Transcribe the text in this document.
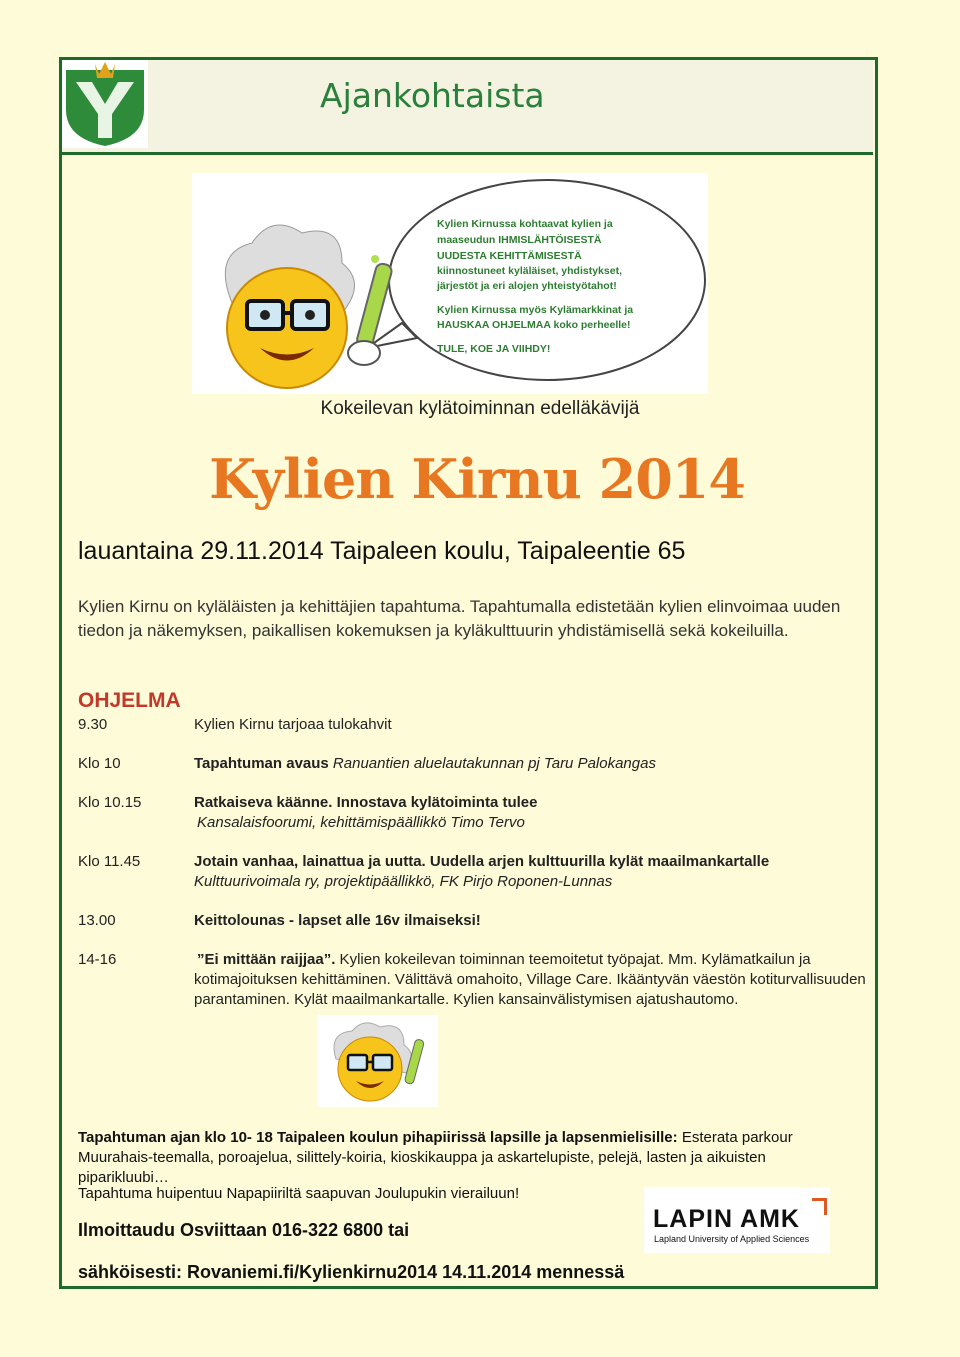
Ajankohtaista
Kylien Kirnussa kohtaavat kylien ja
maaseudun IHMISLÄHTÖISESTÄ
UUDESTA KEHITTÄMISESTÄ
kiinnostuneet kyläläiset, yhdistykset,
järjestöt ja eri alojen yhteistyötahot!
Kylien Kirnussa myös Kylämarkkinat ja
HAUSKAA OHJELMAA koko perheelle!
TULE, KOE JA VIIHDY!
Kokeilevan kylätoiminnan edelläkävijä
Kylien Kirnu 2014
lauantaina 29.11.2014 Taipaleen koulu, Taipaleentie 65
Kylien Kirnu on kyläläisten ja kehittäjien tapahtuma. Tapahtumalla edistetään kylien elinvoimaa uuden tiedon ja näkemyksen, paikallisen kokemuksen ja kyläkulttuurin yhdistämisellä sekä kokeiluilla.
OHJELMA
9.30	Kylien Kirnu tarjoaa tulokahvit
Klo 10	Tapahtuman avaus Ranuantien aluelautakunnan pj Taru Palokangas
Klo 10.15	Ratkaiseva käänne. Innostava kylätoiminta tulee
Kansalaisfoorumi, kehittämispäällikkö Timo Tervo
Klo 11.45	Jotain vanhaa, lainattua ja uutta. Uudella arjen kulttuurilla kylät maailmankartalle
Kulttuurivoimala ry, projektipäällikkö, FK Pirjo Roponen-Lunnas
13.00	Keittolounas - lapset alle 16v ilmaiseksi!
14-16	”Ei mittään raijjaa”. Kylien kokeilevan toiminnan teemoitetut työpajat. Mm. Kylämatkailun ja kotimajoituksen kehittäminen. Välittävä omahoito, Village Care. Ikääntyvän väestön kotiturvallisuuden parantaminen. Kylät maailmankartalle. Kylien kansainvälistymisen ajatushautomo.
Tapahtuman ajan klo 10- 18 Taipaleen koulun pihapiirissä lapsille ja lapsenmielisille: Esterata parkour Muurahais-teemalla, poroajelua, silittely-koiria, kioskikauppa ja askartelupiste, pelejä, lasten ja aikuisten piparikluubi…
Tapahtuma huipentuu Napapiiriltä saapuvan Joulupukin vierailuun!
Ilmoittaudu Osviittaan 016-322 6800 tai	LAPIN AMK
Lapland University of Applied Sciences
sähköisesti: Rovaniemi.fi/Kylienkirnu2014 14.11.2014 mennessä
